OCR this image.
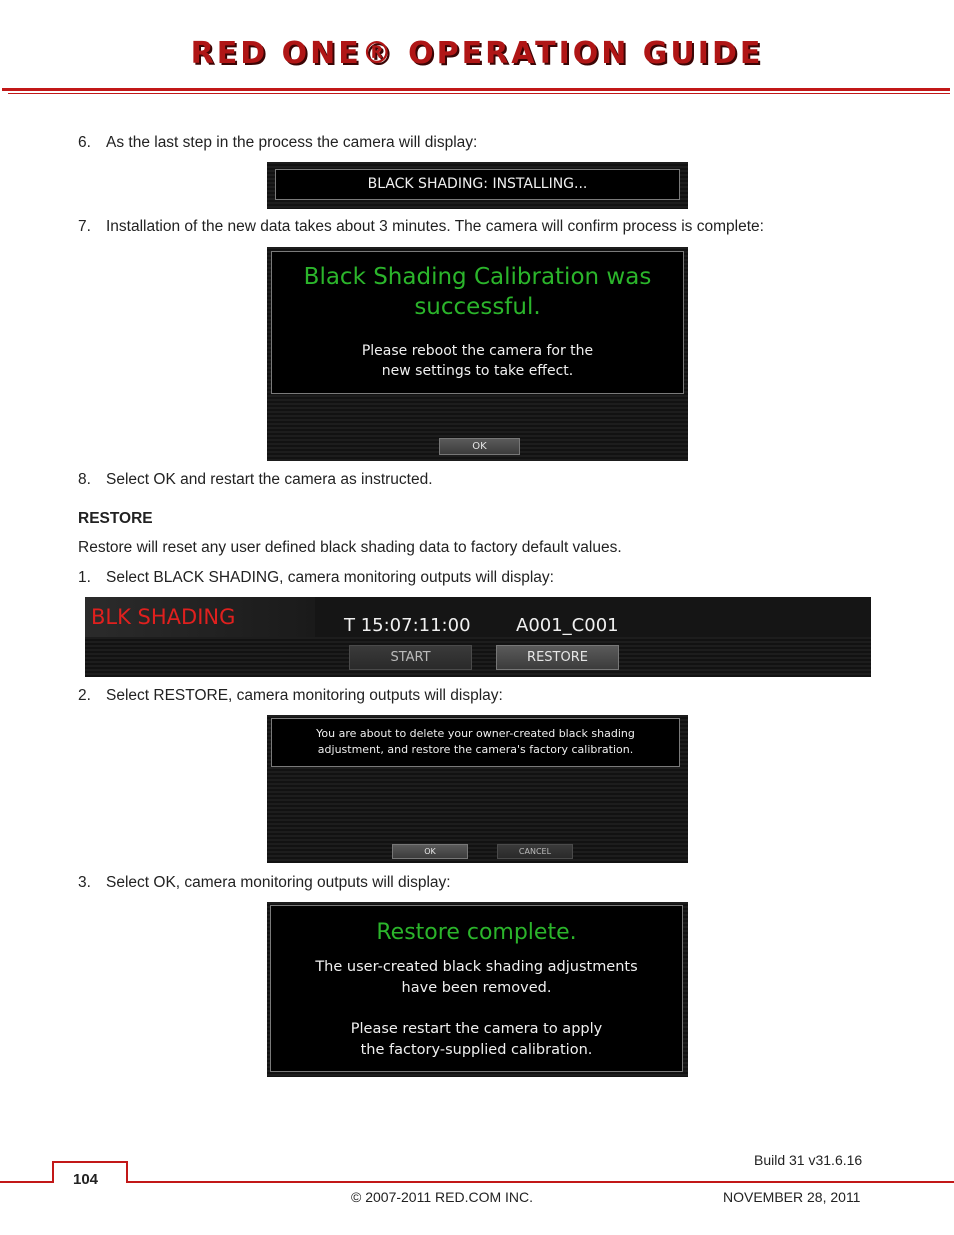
RED ONE® OPERATION GUIDE
6. As the last step in the process the camera will display:
BLACK SHADING: INSTALLING...
7. Installation of the new data takes about 3 minutes. The camera will confirm process is complete:
Black Shading Calibration was
successful.
Please reboot the camera for the
new settings to take effect.
OK
8. Select OK and restart the camera as instructed.
RESTORE
Restore will reset any user defined black shading data to factory default values.
1. Select BLACK SHADING, camera monitoring outputs will display:
BLK SHADING	T 15:07:11:00	A001_C001
START	RESTORE
2. Select RESTORE, camera monitoring outputs will display:
You are about to delete your owner-created black shading
adjustment, and restore the camera's factory calibration.
OK	CANCEL
3. Select OK, camera monitoring outputs will display:
Restore complete.
The user-created black shading adjustments
have been removed.
Please restart the camera to apply
the factory-supplied calibration.
Build 31 v31.6.16
104
© 2007-2011 RED.COM INC.	NOVEMBER 28, 2011
